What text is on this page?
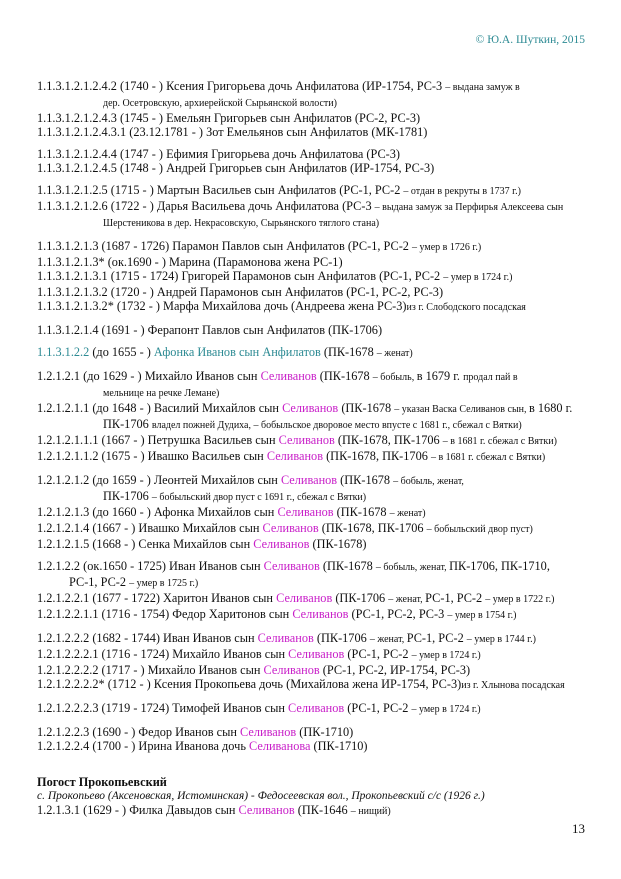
© Ю.А. Шуткин, 2015
1.1.3.1.2.1.2.4.2 (1740 - ) Ксения Григорьева дочь Анфилатова (ИР-1754, РС-3 – выдана замуж в
дер. Осетровскую, архиерейской Сырьянской волости)
1.1.3.1.2.1.2.4.3 (1745 - ) Емельян Григорьев сын Анфилатов (РС-2, РС-3)
1.1.3.1.2.1.2.4.3.1 (23.12.1781 - ) Зот Емельянов сын Анфилатов (МК-1781)
1.1.3.1.2.1.2.4.4 (1747 - ) Ефимия Григорьева дочь Анфилатова (РС-3)
1.1.3.1.2.1.2.4.5 (1748 - ) Андрей Григорьев сын Анфилатов (ИР-1754, РС-3)
1.1.3.1.2.1.2.5 (1715 - ) Мартын Васильев сын Анфилатов (РС-1, РС-2 – отдан в рекруты в 1737 г.)
1.1.3.1.2.1.2.6 (1722 - ) Дарья Васильева дочь Анфилатова (РС-3 – выдана замуж за Перфирья Алексеева сын
Шерстеникова в дер. Некрасовскую, Сырьянского тяглого стана)
1.1.3.1.2.1.3 (1687 - 1726) Парамон Павлов сын Анфилатов (РС-1, РС-2 – умер в 1726 г.)
1.1.3.1.2.1.3* (ок.1690 - ) Марина (Парамонова жена РС-1)
1.1.3.1.2.1.3.1 (1715 - 1724) Григорей Парамонов сын Анфилатов (РС-1, РС-2 – умер в 1724 г.)
1.1.3.1.2.1.3.2 (1720 - ) Андрей Парамонов сын Анфилатов (РС-1, РС-2, РС-3)
1.1.3.1.2.1.3.2* (1732 - ) Марфа Михайлова дочь (Андреева жена РС-3)из г. Слободского посадская
1.1.3.1.2.1.4 (1691 - ) Ферапонт Павлов сын Анфилатов (ПК-1706)
1.1.3.1.2.2 (до 1655 - ) Афонка Иванов сын Анфилатов (ПК-1678 – женат)
1.2.1.2.1 (до 1629 - ) Михайло Иванов сын Селиванов (ПК-1678 – бобыль, в 1679 г. продал пай в
мельнице на речке Лемане)
1.2.1.2.1.1 (до 1648 - ) Василий Михайлов сын Селиванов (ПК-1678 – указан Васка Селиванов сын, в 1680 г.
ПК-1706 владел пожней Дудиха, – бобыльское дворовое место впусте с 1681 г., сбежал с Вятки)
1.2.1.2.1.1.1 (1667 - ) Петрушка Васильев сын Селиванов (ПК-1678, ПК-1706 – в 1681 г. сбежал с Вятки)
1.2.1.2.1.1.2 (1675 - ) Ивашко Васильев сын Селиванов (ПК-1678, ПК-1706 – в 1681 г. сбежал с Вятки)
1.2.1.2.1.2 (до 1659 - ) Леонтей Михайлов сын Селиванов (ПК-1678 – бобыль, женат,
ПК-1706 – бобыльский двор пуст с 1691 г., сбежал с Вятки)
1.2.1.2.1.3 (до 1660 - ) Афонка Михайлов сын Селиванов (ПК-1678 – женат)
1.2.1.2.1.4 (1667 - ) Ивашко Михайлов сын Селиванов (ПК-1678, ПК-1706 – бобыльский двор пуст)
1.2.1.2.1.5 (1668 - ) Сенка Михайлов сын Селиванов (ПК-1678)
1.2.1.2.2 (ок.1650 - 1725) Иван Иванов сын Селиванов (ПК-1678 – бобыль, женат, ПК-1706, ПК-1710,
РС-1, РС-2 – умер в 1725 г.)
1.2.1.2.2.1 (1677 - 1722) Харитон Иванов сын Селиванов (ПК-1706 – женат, РС-1, РС-2 – умер в 1722 г.)
1.2.1.2.2.1.1 (1716 - 1754) Федор Харитонов сын Селиванов (РС-1, РС-2, РС-3 – умер в 1754 г.)
1.2.1.2.2.2 (1682 - 1744) Иван Иванов сын Селиванов (ПК-1706 – женат, РС-1, РС-2 – умер в 1744 г.)
1.2.1.2.2.2.1 (1716 - 1724) Михайло Иванов сын Селиванов (РС-1, РС-2 – умер в 1724 г.)
1.2.1.2.2.2.2 (1717 - ) Михайло Иванов сын Селиванов (РС-1, РС-2, ИР-1754, РС-3)
1.2.1.2.2.2.2* (1712 - ) Ксения Прокопьева дочь (Михайлова жена ИР-1754, РС-3)из г. Хлынова посадская
1.2.1.2.2.2.3 (1719 - 1724) Тимофей Иванов сын Селиванов (РС-1, РС-2 – умер в 1724 г.)
1.2.1.2.2.3 (1690 - ) Федор Иванов сын Селиванов (ПК-1710)
1.2.1.2.2.4 (1700 - ) Ирина Иванова дочь Селиванова (ПК-1710)
Погост Прокопьевский
с. Прокопьево (Аксеновская, Истоминская) - Федосеевская вол., Прокопьевский с/с (1926 г.)
1.2.1.3.1 (1629 - ) Филка Давыдов сын Селиванов (ПК-1646 – нищий)
13
